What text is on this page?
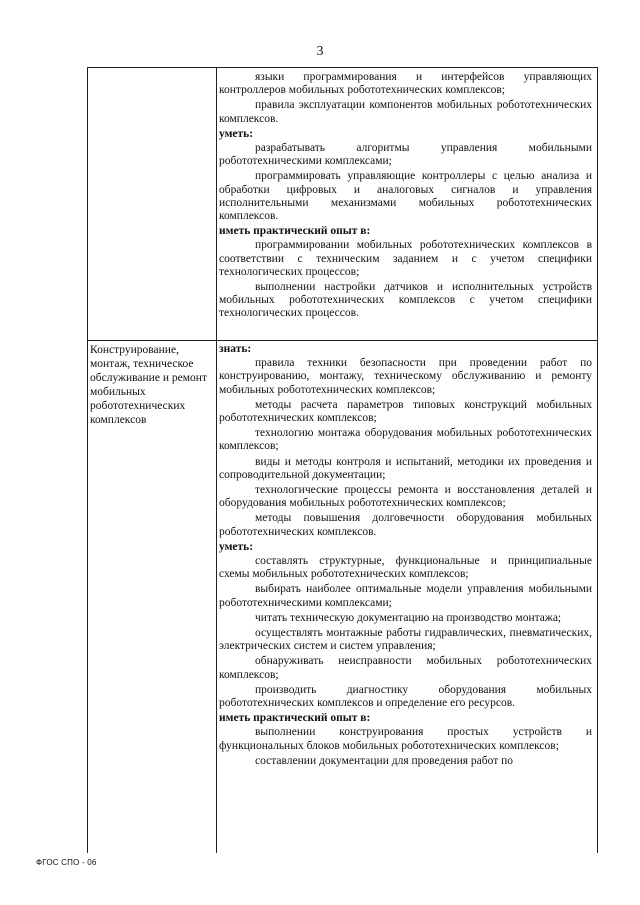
3
Конструирование, монтаж, техническое обслуживание и ремонт мобильных робототехнических комплексов

языки программирования и интерфейсов управляющих контроллеров мобильных робототехнических комплексов;

правила эксплуатации компонентов мобильных робототехнических комплексов.

уметь:

разрабатывать алгоритмы управления мобильными робототехническими комплексами;

программировать управляющие контроллеры с целью анализа и обработки цифровых и аналоговых сигналов и управления исполнительными механизмами мобильных робототехнических комплексов.

иметь практический опыт в:

программировании мобильных робототехнических комплексов в соответствии с техническим заданием и с учетом специфики технологических процессов;

выполнении настройки датчиков и исполнительных устройств мобильных робототехнических комплексов с учетом специфики технологических процессов.

знать:

правила техники безопасности при проведении работ по конструированию, монтажу, техническому обслуживанию и ремонту мобильных робототехнических комплексов;

методы расчета параметров типовых конструкций мобильных робототехнических комплексов;

технологию монтажа оборудования мобильных робототехнических комплексов;

виды и методы контроля и испытаний, методики их проведения и сопроводительной документации;

технологические процессы ремонта и восстановления деталей и оборудования мобильных робототехнических комплексов;

методы повышения долговечности оборудования мобильных робототехнических комплексов.

уметь:

составлять структурные, функциональные и принципиальные схемы мобильных робототехнических комплексов;

выбирать наиболее оптимальные модели управления мобильными робототехническими комплексами;

читать техническую документацию на производство монтажа;

осуществлять монтажные работы гидравлических, пневматических, электрических систем и систем управления;

обнаруживать неисправности мобильных робототехнических комплексов;

производить диагностику оборудования мобильных робототехнических комплексов и определение его ресурсов.

иметь практический опыт в:

выполнении конструирования простых устройств и функциональных блоков мобильных робототехнических комплексов;

составлении документации для проведения работ по

ФГОС СПО - 06
